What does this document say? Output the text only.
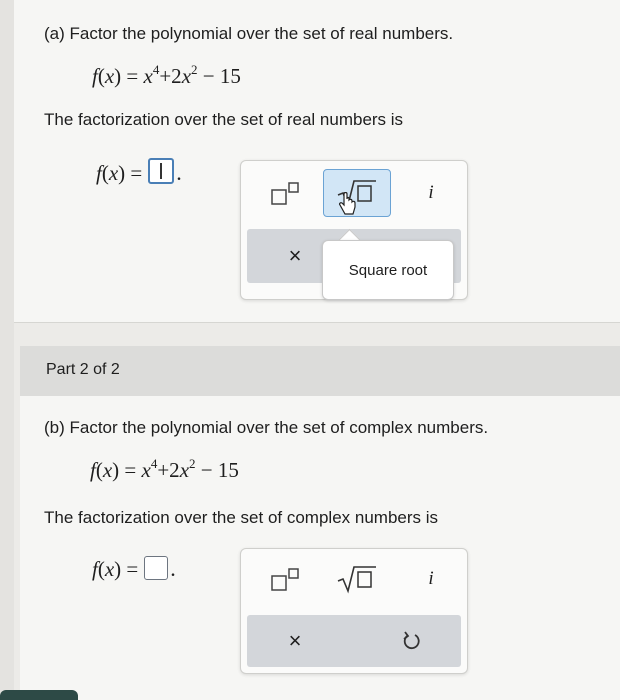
(a) Factor the polynomial over the set of real numbers.
$f(x) = x^4+2x^2 - 15$
The factorization over the set of real numbers is
f(x) = .
i
×
Square root
Part 2 of 2
(b) Factor the polynomial over the set of complex numbers.
$f(x) = x^4+2x^2 - 15$
The factorization over the set of complex numbers is
f(x) = .	i
×
